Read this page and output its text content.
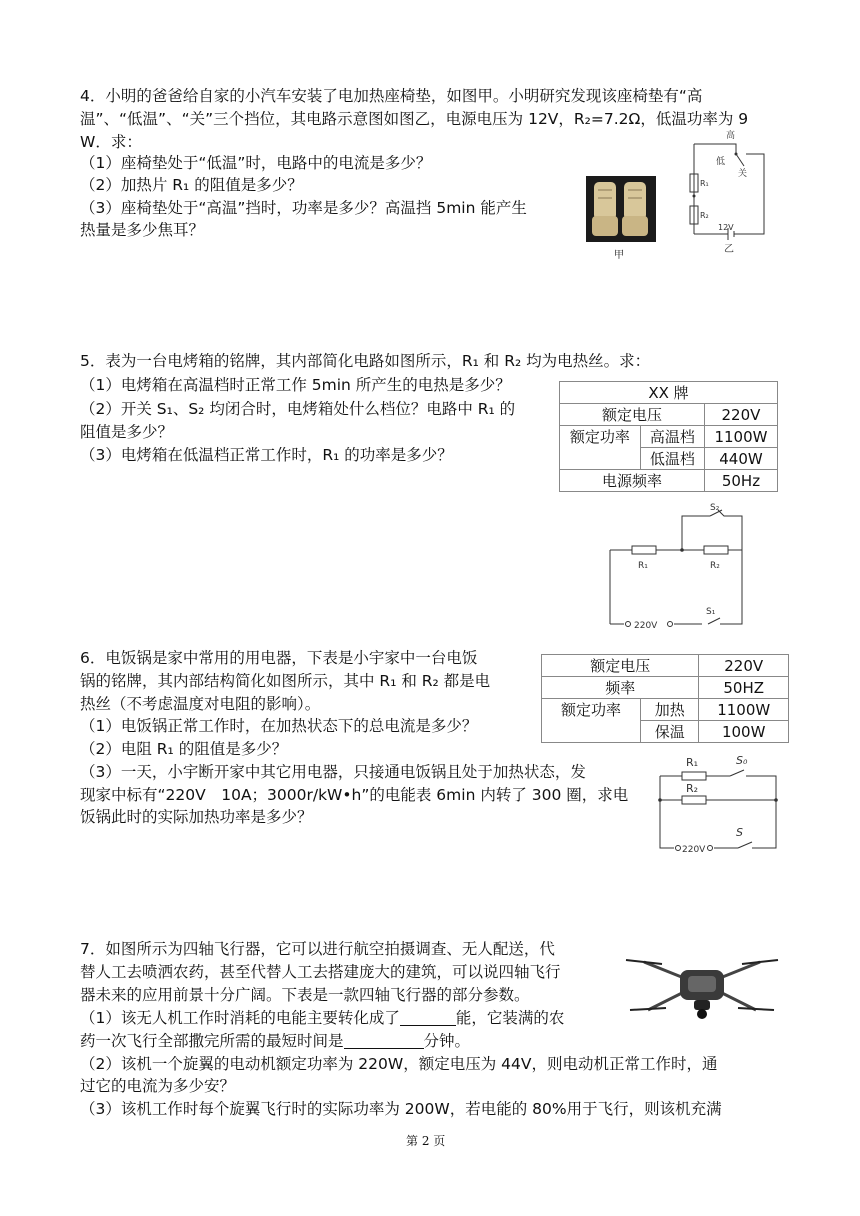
4．小明的爸爸给自家的小汽车安装了电加热座椅垫，如图甲。小明研究发现该座椅垫有“高
温”、“低温”、“关”三个挡位，其电路示意图如图乙，电源电压为 12V，R₂=7.2Ω，低温功率为 9
W．求：
（1）座椅垫处于“低温”时，电路中的电流是多少？
（2）加热片 R₁ 的阻值是多少？
（3）座椅垫处于“高温”挡时，功率是多少？高温挡 5min 能产生
热量是多少焦耳？
甲
高
低
关
R₁
R₂
12V
乙
5．表为一台电烤箱的铭牌，其内部简化电路如图所示，R₁ 和 R₂ 均为电热丝。求：
（1）电烤箱在高温档时正常工作 5min 所产生的电热是多少？
（2）开关 S₁、S₂ 均闭合时，电烤箱处什么档位？电路中 R₁ 的
阻值是多少？
（3）电烤箱在低温档正常工作时，R₁ 的功率是多少？
XX 牌		
额定电压		220V
额定功率	高温档	1100W
	低温档	440W
电源频率		50Hz
S₂
R₁	R₂
S₁
220V
6．电饭锅是家中常用的用电器，下表是小宇家中一台电饭
锅的铭牌，其内部结构简化如图所示，其中 R₁ 和 R₂ 都是电
热丝（不考虑温度对电阻的影响）。
（1）电饭锅正常工作时，在加热状态下的总电流是多少？
（2）电阻 R₁ 的阻值是多少？
（3）一天，小宇断开家中其它用电器，只接通电饭锅且处于加热状态，发
现家中标有“220V　10A；3000r/kW•h”的电能表 6min 内转了 300 圈，求电
饭锅此时的实际加热功率是多少？
额定电压		220V
频率		50HZ
额定功率	加热	1100W
	保温	100W
R₁	S₀
R₂
S
220V
7．如图所示为四轴飞行器，它可以进行航空拍摄调查、无人配送，代
替人工去喷洒农药，甚至代替人工去搭建庞大的建筑，可以说四轴飞行
器未来的应用前景十分广阔。下表是一款四轴飞行器的部分参数。
（1）该无人机工作时消耗的电能主要转化成了	能，它装满的农
药一次飞行全部撒完所需的最短时间是	分钟。
（2）该机一个旋翼的电动机额定功率为 220W，额定电压为 44V，则电动机正常工作时，通
过它的电流为多少安？
（3）该机工作时每个旋翼飞行时的实际功率为 200W，若电能的 80%用于飞行，则该机充满
第 2 页
